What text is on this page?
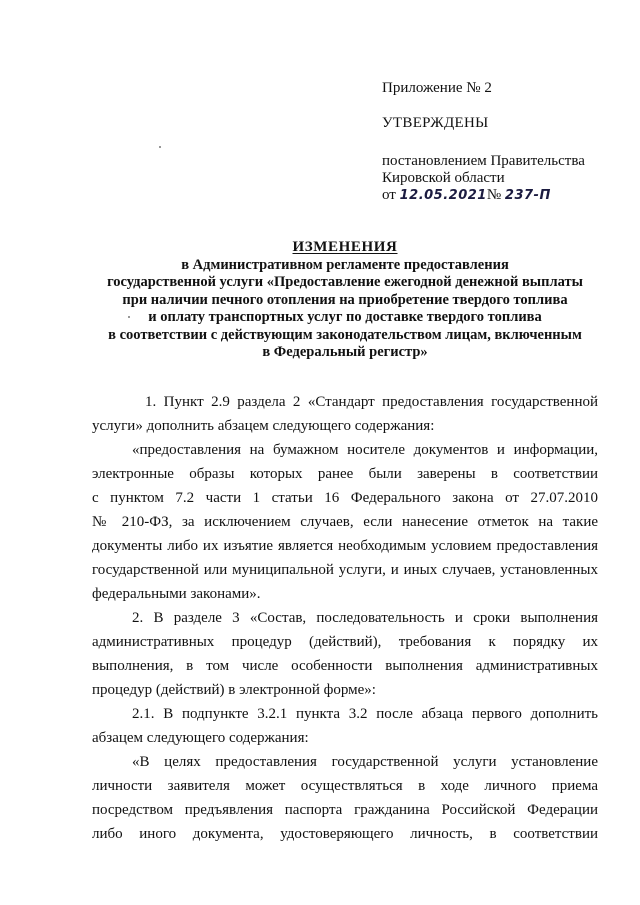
Приложение № 2
УТВЕРЖДЕНЫ
постановлением Правительства
Кировской области
от 12.05.2021№ 237-П
ИЗМЕНЕНИЯ
в Административном регламенте предоставления
государственной услуги «Предоставление ежегодной денежной выплаты
при наличии печного отопления на приобретение твердого топлива
и оплату транспортных услуг по доставке твердого топлива
в соответствии с действующим законодательством лицам, включенным
в Федеральный регистр»
1. Пункт 2.9 раздела 2 «Стандарт предоставления государственной
услуги» дополнить абзацем следующего содержания:
«предоставления на бумажном носителе документов и информации,
электронные образы которых ранее были заверены в соответствии
с пунктом 7.2 части 1 статьи 16 Федерального закона от 27.07.2010
№ 210-ФЗ, за исключением случаев, если нанесение отметок на такие
документы либо их изъятие является необходимым условием предоставления
государственной или муниципальной услуги, и иных случаев, установленных
федеральными законами».
2. В разделе 3 «Состав, последовательность и сроки выполнения
административных процедур (действий), требования к порядку их
выполнения, в том числе особенности выполнения административных
процедур (действий) в электронной форме»:
2.1. В подпункте 3.2.1 пункта 3.2 после абзаца первого дополнить
абзацем следующего содержания:
«В целях предоставления государственной услуги установление
личности заявителя может осуществляться в ходе личного приема
посредством предъявления паспорта гражданина Российской Федерации
либо иного документа, удостоверяющего личность, в соответствии
